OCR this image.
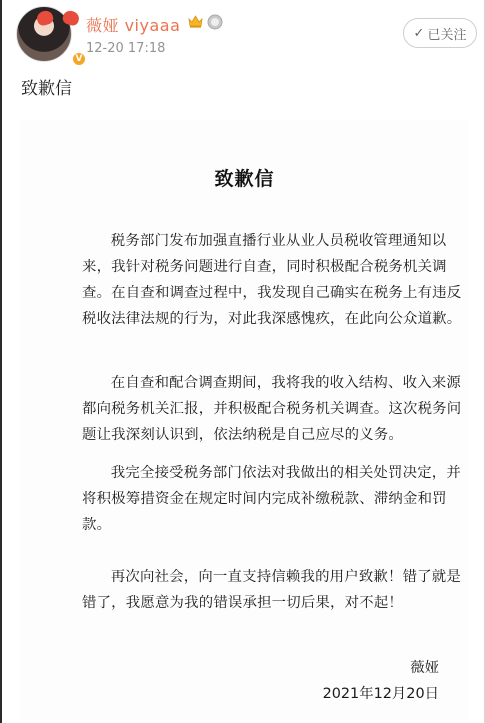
V
薇娅 viyaaa
12-20 17:18
✓ 已关注
致歉信
致歉信
税务部门发布加强直播行业从业人员税收管理通知以来，我针对税务问题进行自查，同时积极配合税务机关调查。在自查和调查过程中，我发现自己确实在税务上有违反税收法律法规的行为，对此我深感愧疚，在此向公众道歉。
在自查和配合调查期间，我将我的收入结构、收入来源都向税务机关汇报，并积极配合税务机关调查。这次税务问题让我深刻认识到，依法纳税是自己应尽的义务。
我完全接受税务部门依法对我做出的相关处罚决定，并将积极筹措资金在规定时间内完成补缴税款、滞纳金和罚款。
再次向社会，向一直支持信赖我的用户致歉！错了就是错了，我愿意为我的错误承担一切后果，对不起！
薇娅
2021年12月20日
